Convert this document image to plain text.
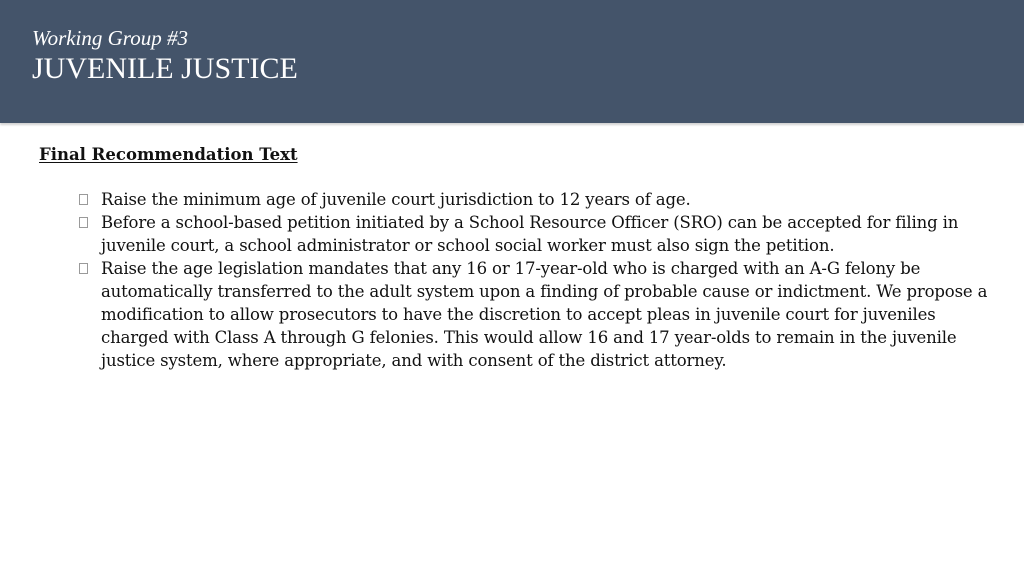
Working Group #3
JUVENILE JUSTICE
Final Recommendation Text
Raise the minimum age of juvenile court jurisdiction to 12 years of age.
Before a school-based petition initiated by a School Resource Officer (SRO) can be accepted for filing in juvenile court, a school administrator or school social worker must also sign the petition.
Raise the age legislation mandates that any 16 or 17-year-old who is charged with an A-G felony be automatically transferred to the adult system upon a finding of probable cause or indictment. We propose a modification to allow prosecutors to have the discretion to accept pleas in juvenile court for juveniles charged with Class A through G felonies. This would allow 16 and 17 year-olds to remain in the juvenile justice system, where appropriate, and with consent of the district attorney.
